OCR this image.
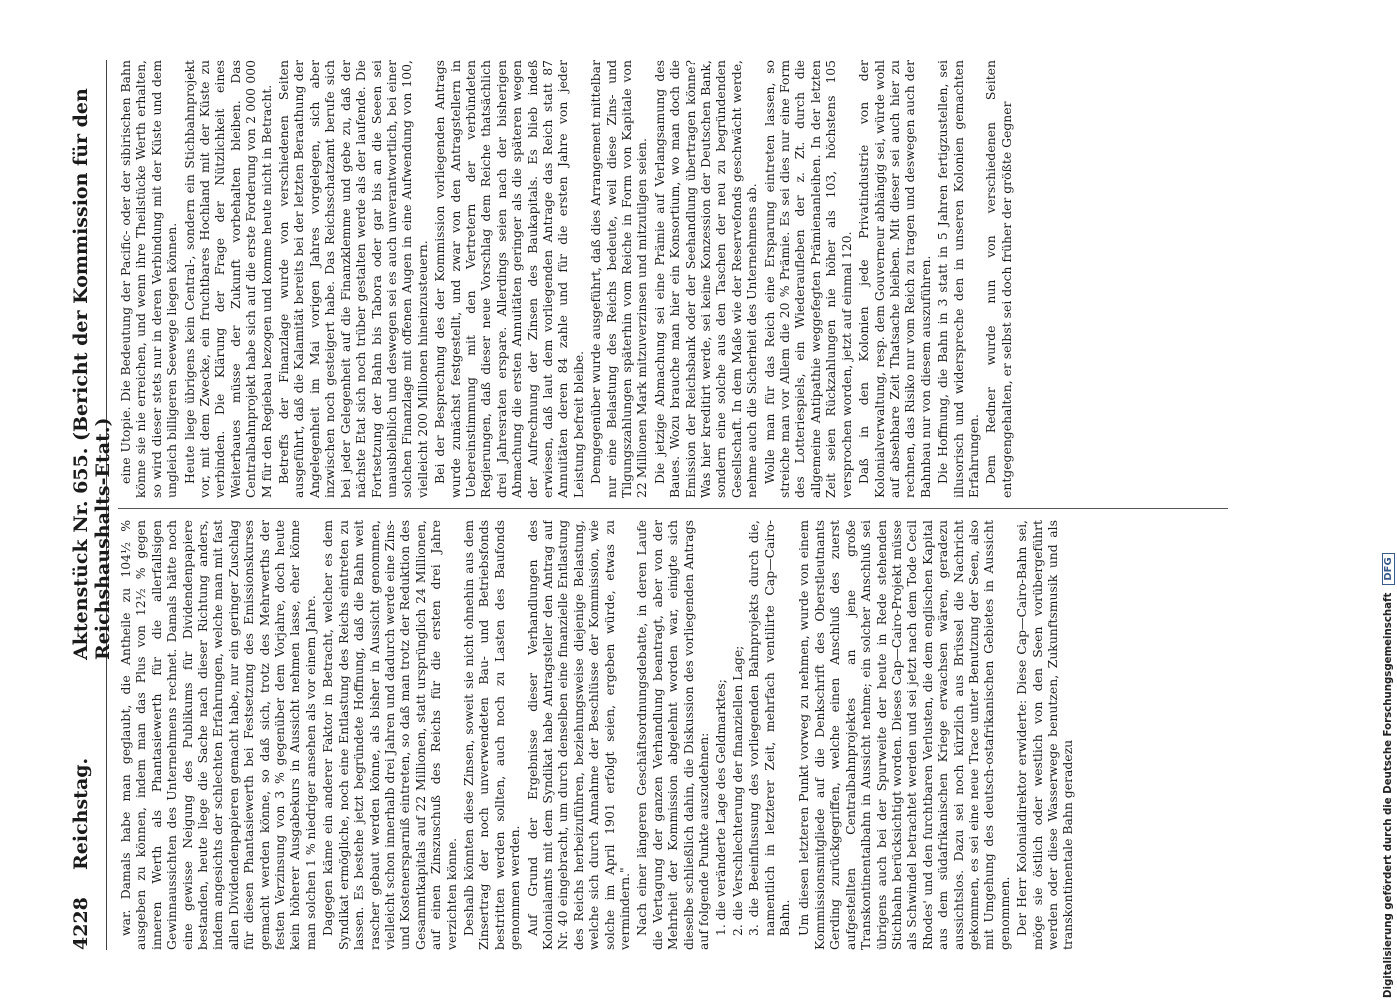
4228
Reichstag.
Aktenstück Nr. 655. (Bericht der Kommission für den Reichshaushalts-Etat.) war. Damals habe man geglaubt, die Antheile zu 104½ % ausgeben zu können, indem man das Plus von 12½ % gegen inneren Werth als Phantasiewerth für die allerfallsigen Gewinnaussichten des Unternehmens rechnet. Damals hätte noch eine gewisse Neigung des Publikums für Dividendenpapiere bestanden, heute liege die Sache nach dieser Richtung anders, indem angesichts der schlechten Erfahrungen, welche man mit fast allen Dividendenpapieren gemacht habe, nur ein geringer Zuschlag für diesen Phantasiewerth bei Festsetzung des Emissionskurses gemacht werden könne, so daß sich, trotz des Mehrwerths der festen Verzinsung von 3 % gegenüber dem Vorjahre, doch heute kein höherer Ausgabekurs in Aussicht nehmen lasse, eher könne man solchen 1 % niedriger ansehen als vor einem Jahre. Dagegen käme ein anderer Faktor in Betracht, welcher es dem Syndikat ermögliche, noch eine Entlastung des Reichs eintreten zu lassen. Es bestehe jetzt begründete Hoffnung, daß die Bahn weit rascher gebaut werden könne, als bisher in Aussicht genommen, vielleicht schon innerhalb drei Jahren und dadurch werde eine Zins- und Kostenersparniß eintreten, so daß man trotz der Reduktion des Gesammtkapitals auf 22 Millionen, statt ursprünglich 24 Millionen, auf einen Zinszuschuß des Reichs für die ersten drei Jahre verzichten könne. Deshalb könnten diese Zinsen, soweit sie nicht ohnehin aus dem Zinsertrag der noch unverwendeten Bau- und Betriebsfonds bestritten werden sollten, auch noch zu Lasten des Baufonds genommen werden. Auf Grund der Ergebnisse dieser Verhandlungen des Kolonialamts mit dem Syndikat habe Antragsteller den Antrag auf Nr. 40 eingebracht, um durch denselben eine finanzielle Entlastung des Reichs herbeizuführen, beziehungsweise diejenige Belastung, welche sich durch Annahme der Beschlüsse der Kommission, wie solche im April 1901 erfolgt seien, ergeben würde, etwas zu vermindern." Nach einer längeren Geschäftsordnungsdebatte, in deren Laufe die Vertagung der ganzen Verhandlung beantragt, aber von der Mehrheit der Kommission abgelehnt worden war, einigte sich dieselbe schließlich dahin, die Diskussion des vorliegenden Antrags auf folgende Punkte auszudehnen: 1. die veränderte Lage des Geldmarktes; 2. die Verschlechterung der finanziellen Lage; 3. die Beeinflussung des vorliegenden Bahnprojekts durch die, namentlich in letzterer Zeit, mehrfach ventilirte Cap—Cairo-Bahn. Um diesen letzteren Punkt vorweg zu nehmen, wurde von einem Kommissionsmitgliede auf die Denkschrift des Oberstleutnants Gerding zurückgegriffen, welche einen Anschluß des zuerst aufgestellten Centralbahnprojektes an jene große Transkontinentalbahn in Aussicht nehme; ein solcher Anschluß sei übrigens auch bei der Spurweite der heute in Rede stehenden Stichbahn berücksichtigt worden. Dieses Cap—Cairo-Projekt müsse als Schwindel betrachtet werden und sei jetzt nach dem Tode Cecil Rhodes' und den furchtbaren Verlusten, die dem englischen Kapital aus dem südafrikanischen Kriege erwachsen wären, geradezu aussichtslos. Dazu sei noch kürzlich aus Brüssel die Nachricht gekommen, es sei eine neue Trace unter Benutzung der Seen, also mit Umgehung des deutsch-ostafrikanischen Gebietes in Aussicht genommen. Der Herr Kolonialdirektor erwiderte: Diese Cap—Cairo-Bahn sei, möge sie östlich oder westlich von den Seen vorübergeführt werden oder diese Wasserwege benutzen, Zukunftsmusik und als transkontinentale Bahn geradezu

eine Utopie. Die Bedeutung der Pacific- oder der sibirischen Bahn könne sie nie erreichen, und wenn ihre Theilstücke Werth erhalten, so wird dieser stets nur in deren Verbindung mit der Küste und dem ungleich billigeren Seewege liegen können. Heute liege übrigens kein Central-, sondern ein Stichbahnprojekt vor, mit dem Zwecke, ein fruchtbares Hochland mit der Küste zu verbinden. Die Klärung der Frage der Nützlichkeit eines Weiterbaues müsse der Zukunft vorbehalten bleiben. Das Centralbahnprojekt habe sich auf die erste Forderung von 2 000 000 M für den Regiebau bezogen und komme heute nicht in Betracht. Betreffs der Finanzlage wurde von verschiedenen Seiten ausgeführt, daß die Kalamität bereits bei der letzten Beraathung der Angelegenheit im Mai vorigen Jahres vorgelegen, sich aber inzwischen noch gesteigert habe. Das Reichsschatzamt berufe sich bei jeder Gelegenheit auf die Finanzklemme und gebe zu, daß der nächste Etat sich noch trüber gestalten werde als der laufende. Die Fortsetzung der Bahn bis Tabora oder gar bis an die Seeen sei unausbleiblich und deswegen sei es auch unverantwortlich, bei einer solchen Finanzlage mit offenen Augen in eine Aufwendung von 100, vielleicht 200 Millionen hineinzusteuern. Bei der Besprechung des der Kommission vorliegenden Antrags wurde zunächst festgestellt, und zwar von den Antragstellern in Uebereinstimmung mit den Vertretern der verbündeten Regierungen, daß dieser neue Vorschlag dem Reiche thatsächlich drei Jahresraten erspare. Allerdings seien nach der bisherigen Abmachung die ersten Annuitäten geringer als die späteren wegen der Aufrechnung der Zinsen des Baukapitals. Es blieb indeß erwiesen, daß laut dem vorliegenden Antrage das Reich statt 87 Annuitäten deren 84 zahle und für die ersten Jahre von jeder Leistung befreit bleibe. Demgegenüber wurde ausgeführt, daß dies Arrangement mittelbar nur eine Belastung des Reichs bedeute, weil diese Zins- und Tilgungszahlungen späterhin vom Reiche in Form von Kapitale von 22 Millionen Mark mitzuverzinsen und mitzutilgen seien. Die jetzige Abmachung sei eine Prämie auf Verlangsamung des Baues. Wozu brauche man hier ein Konsortium, wo man doch die Emission der Reichsbank oder der Seehandlung übertragen könne? Was hier kreditirt werde, sei keine Konzession der Deutschen Bank, sondern eine solche aus den Taschen der neu zu begründenden Gesellschaft. In dem Maße wie der Reservefonds geschwächt werde, nehme auch die Sicherheit des Unternehmens ab. Wolle man für das Reich eine Ersparung eintreten lassen, so streiche man vor Allem die 20 % Prämie. Es sei dies nur eine Form des Lotteriespiels, ein Wiederaufleben der z. Zt. durch die allgemeine Antipathie weggefegten Prämienanleihen. In der letzten Zeit seien Rückzahlungen nie höher als 103, höchstens 105 versprochen worden, jetzt auf einmal 120. Daß in den Kolonien jede Privatindustrie von der Kolonialverwaltung, resp. dem Gouverneur abhängig sei, würde wohl auf absehbare Zeit Thatsache bleiben. Mit dieser sei auch hier zu rechnen, das Risiko nur vom Reich zu tragen und deswegen auch der Bahnbau nur von diesem auszuführen. Die Hoffnung, die Bahn in 3 statt in 5 Jahren fertigzustellen, sei illusorisch und widerspreche den in unseren Kolonien gemachten Erfahrungen. Dem Redner wurde nun von verschiedenen Seiten entgegengehalten, er selbst sei doch früher der größte Gegner

Digitalisierung gefördert durch die Deutsche Forschungsgemeinschaft
DFG
